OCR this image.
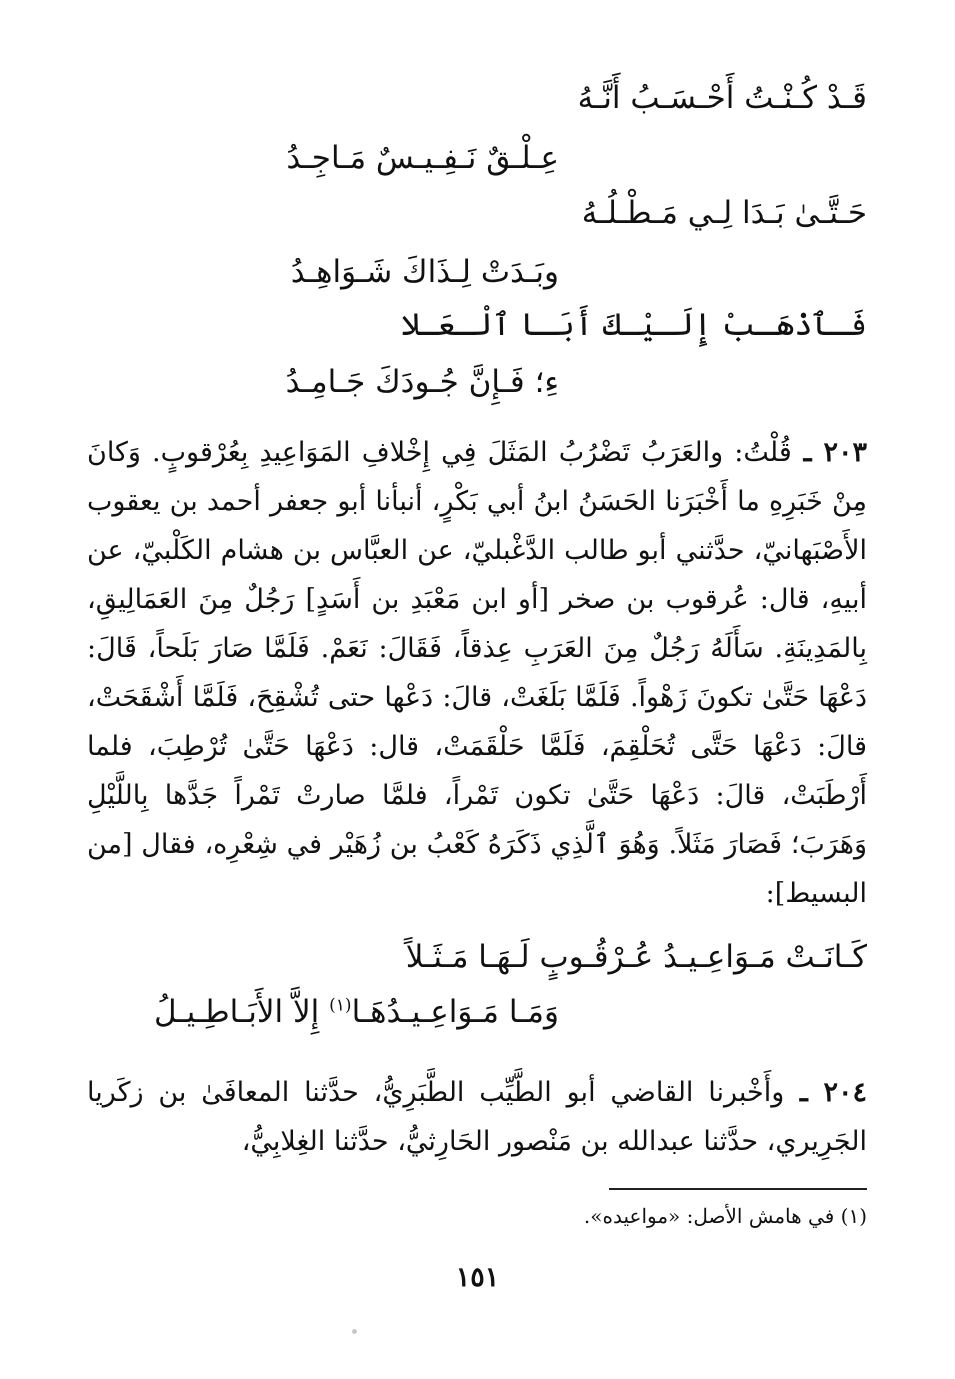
قَـدْ كُـنْـتُ أَحْـسَـبُ أَنَّـهُ
عِـلْـقٌ نَـفِـيـسٌ مَـاجِـدُ
حَـتَّـىٰ بَـدَا لِـي مَـطْـلُـهُ
وبَـدَتْ لِـذَاكَ شَـوَاهِـدُ
فَـٱذْهَـبْ إِلَـيْـكَ أَبَـا ٱلْـعَـلا
ءِ؛ فَـإِنَّ جُـودَكَ جَـامِـدُ
٢٠٣ ـ قُلْتُ: والعَرَبُ تَضْرُبُ المَثَلَ فِي إِخْلافِ المَوَاعِيدِ بِعُرْقوبٍ. وَكانَ مِنْ خَبَرِهِ ما أَخْبَرَنا الحَسَنُ ابنُ أبي بَكْرٍ، أنبأنا أبو جعفر أحمد بن يعقوب الأَصْبَهانيّ، حدَّثني أبو طالب الدَّغْبليّ، عن العبَّاس بن هشام الكَلْبيّ، عن أبيهِ، قال: عُرقوب بن صخر [أو ابن مَعْبَدِ بن أَسَدٍ] رَجُلٌ مِنَ العَمَالِيقِ، بِالمَدِينَةِ. سَأَلَهُ رَجُلٌ مِنَ العَرَبِ عِذقاً، فَقَالَ: نَعَمْ. فَلَمَّا صَارَ بَلَحاً، قَالَ: دَعْهَا حَتَّىٰ تكونَ زَهْواً. فَلَمَّا بَلَغَتْ، قالَ: دَعْها حتى تُشْقِحَ، فَلَمَّا أَشْقَحَتْ، قالَ: دَعْهَا حَتَّى تُحَلْقِمَ، فَلَمَّا حَلْقَمَتْ، قال: دَعْهَا حَتَّىٰ تُرْطِبَ، فلما أَرْطَبَتْ، قالَ: دَعْهَا حَتَّىٰ تكون تَمْراً، فلمَّا صارتْ تَمْراً جَدَّها بِاللَّيْلِ وَهَرَبَ؛ فَصَارَ مَثَلاً. وَهُوَ ٱلَّذِي ذَكَرَهُ كَعْبُ بن زُهَيْر في شِعْرِه، فقال [من البسيط]:
كَـانَـتْ مَـوَاعِـيـدُ عُـرْقُـوبٍ لَـهَـا مَـثَـلاً
وَمَـا مَـوَاعِـيـدُهَـا$^{(١)}$ إِلاَّ الأَبَـاطِـيـلُ
٢٠٤ ـ وأَخْبرنا القاضي أبو الطَّيِّب الطَّبَرِيُّ، حدَّثنا المعافَىٰ بن زكَريا الجَرِيري، حدَّثنا عبدالله بن مَنْصور الحَارِثيُّ، حدَّثنا الغِلابِيُّ،
(١) في هامش الأصل: «مواعيده».
١٥١
